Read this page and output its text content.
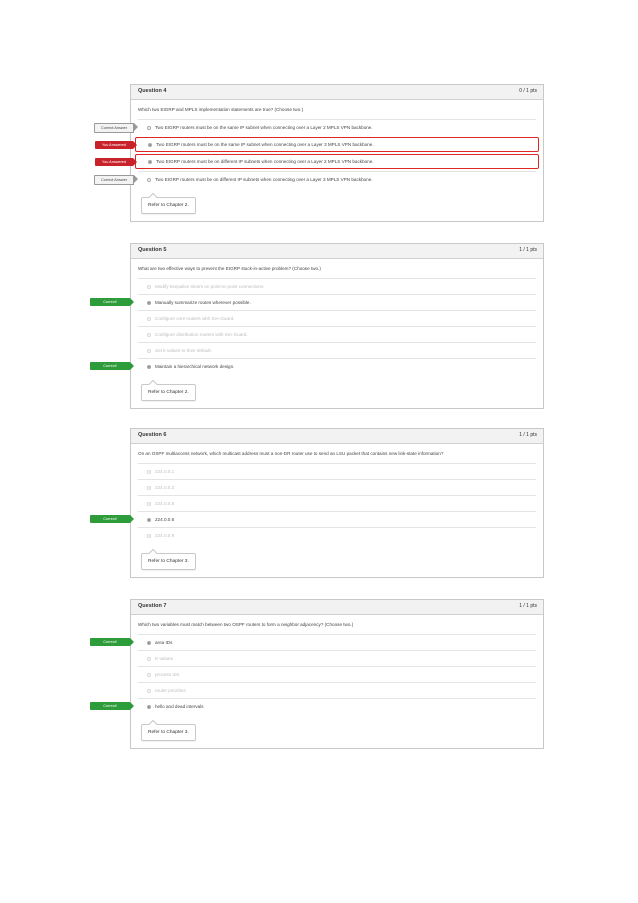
Question 4	0 / 1 pts
Which two EIGRP and MPLS implementation statements are true? (Choose two.)
Correct Answer	Two EIGRP routers must be on the same IP subnet when connecting over a Layer 2 MPLS VPN backbone.
You Answered	Two EIGRP routers must be on the same IP subnet when connecting over a Layer 3 MPLS VPN backbone.
You Answered	Two EIGRP routers must be on different IP subnets when connecting over a Layer 2 MPLS VPN backbone.
Correct Answer	Two EIGRP routers must be on different IP subnets when connecting over a Layer 3 MPLS VPN backbone.
Refer to Chapter 2.
Question 5	1 / 1 pts
What are two effective ways to prevent the EIGRP stuck-in-active problem? (Choose two.)
Modify keepalive timers on point-to-point connections.
Correct!	Manually summarize routes wherever possible.
Configure core routers with SIA-Guard.
Configure distribution routers with SIA-Guard.
Set k-values to their default.
Correct!	Maintain a hierarchical network design.
Refer to Chapter 2.
Question 6	1 / 1 pts
On an OSPF multiaccess network, which multicast address must a non-DR router use to send an LSU packet that contains new link-state information?
224.0.0.1
224.0.0.2
224.0.0.5
Correct!	224.0.0.6
224.0.0.9
Refer to Chapter 3.
Question 7	1 / 1 pts
Which two variables must match between two OSPF routers to form a neighbor adjacency? (Choose two.)
Correct!	area IDs
K-values
process IDs
router priorities
Correct!	hello and dead intervals
Refer to Chapter 3.
